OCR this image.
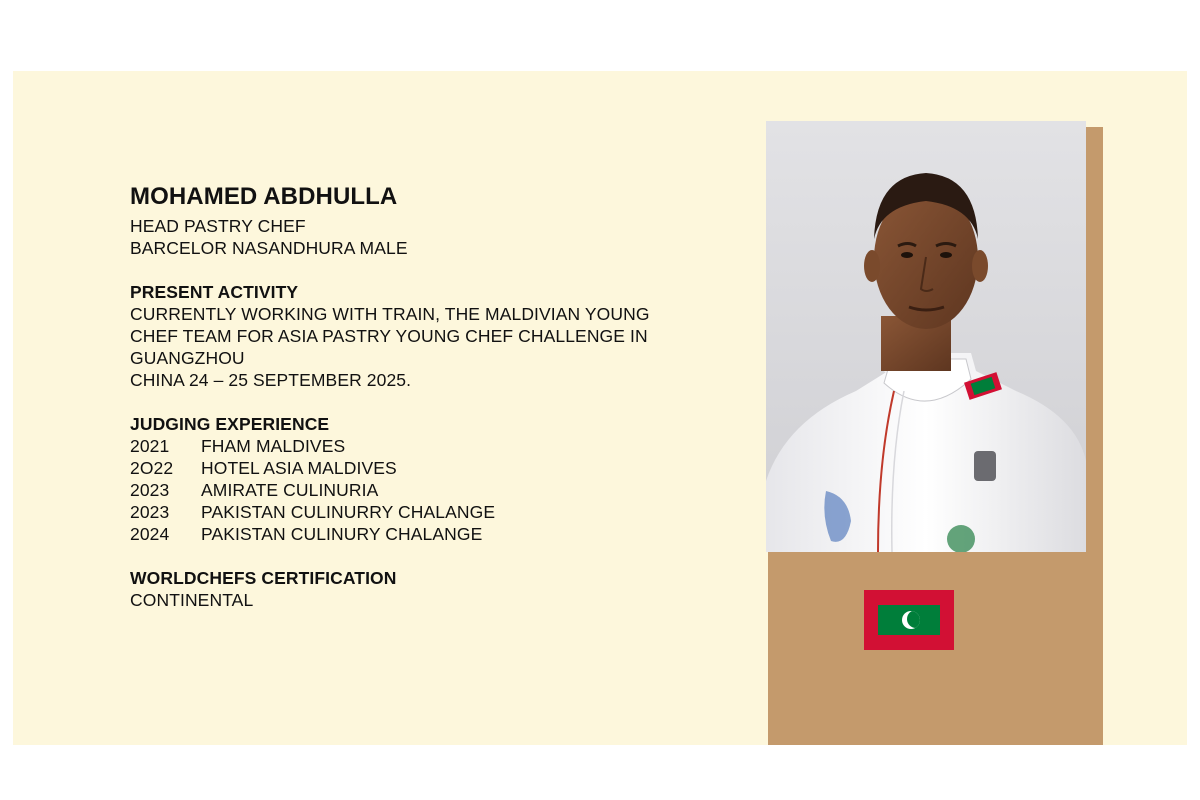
MOHAMED ABDHULLA

HEAD PASTRY CHEF

BARCELOR NASANDHURA MALE

PRESENT ACTIVITY

CURRENTLY WORKING WITH TRAIN, THE MALDIVIAN YOUNG

CHEF TEAM FOR ASIA PASTRY YOUNG CHEF CHALLENGE IN

GUANGZHOU

CHINA 24 – 25 SEPTEMBER 2025.

JUDGING EXPERIENCE

2021	FHAM MALDIVES
2O22	HOTEL ASIA MALDIVES
2023	AMIRATE CULINURIA
2023	PAKISTAN CULINURRY CHALANGE
2024	PAKISTAN CULINURY CHALANGE

WORLDCHEFS CERTIFICATION

CONTINENTAL
